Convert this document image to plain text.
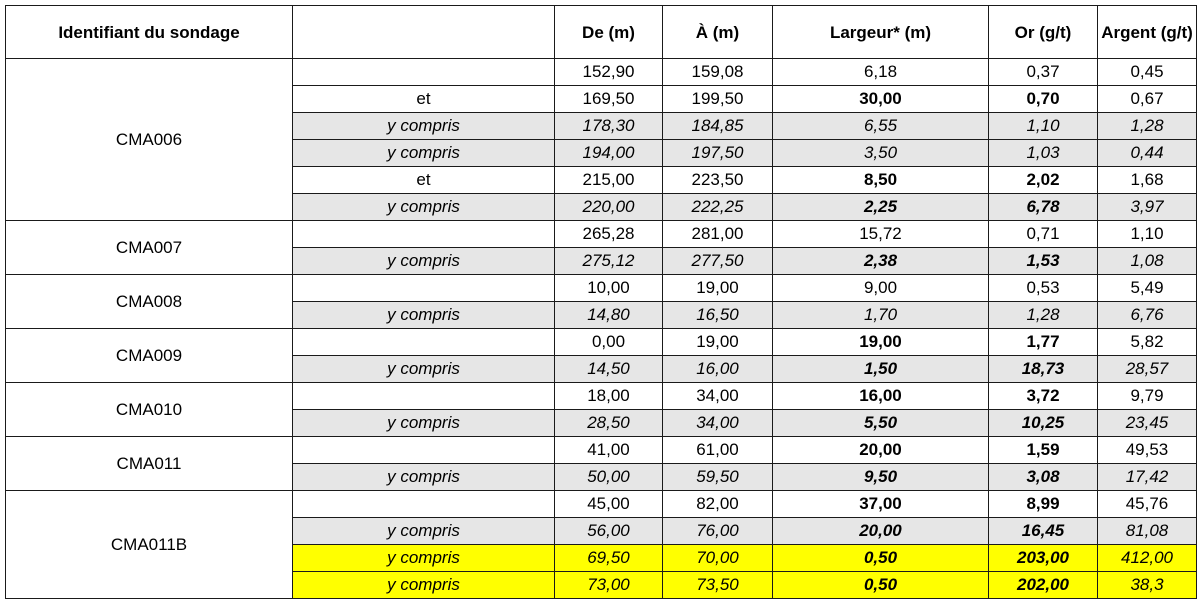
Identifiant du sondage		De (m)	À (m)	Largeur* (m)	Or (g/t)	Argent (g/t)
CMA006		152,90	159,08	6,18	0,37	0,45
	et	169,50	199,50	30,00	0,70	0,67
	y compris	178,30	184,85	6,55	1,10	1,28
	y compris	194,00	197,50	3,50	1,03	0,44
	et	215,00	223,50	8,50	2,02	1,68
	y compris	220,00	222,25	2,25	6,78	3,97
CMA007		265,28	281,00	15,72	0,71	1,10
	y compris	275,12	277,50	2,38	1,53	1,08
CMA008		10,00	19,00	9,00	0,53	5,49
	y compris	14,80	16,50	1,70	1,28	6,76
CMA009		0,00	19,00	19,00	1,77	5,82
	y compris	14,50	16,00	1,50	18,73	28,57
CMA010		18,00	34,00	16,00	3,72	9,79
	y compris	28,50	34,00	5,50	10,25	23,45
CMA011		41,00	61,00	20,00	1,59	49,53
	y compris	50,00	59,50	9,50	3,08	17,42
CMA011B		45,00	82,00	37,00	8,99	45,76
	y compris	56,00	76,00	20,00	16,45	81,08
	y compris	69,50	70,00	0,50	203,00	412,00
	y compris	73,00	73,50	0,50	202,00	38,3
